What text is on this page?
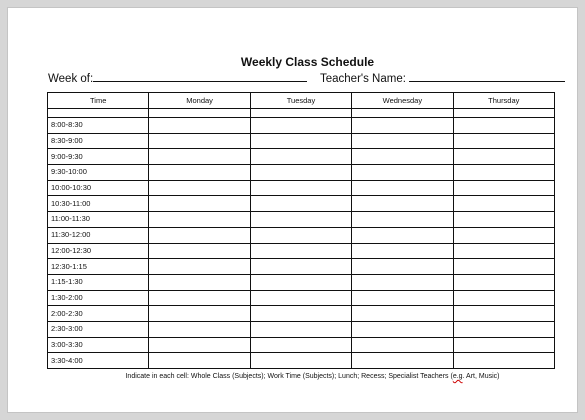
Weekly Class Schedule
Week of:	Teacher's Name:
Time	Monday	Tuesday	Wednesday	Thursday

8:00-8:30				
8:30-9:00				
9:00-9:30				
9:30-10:00				
10:00-10:30				
10:30-11:00				
11:00-11:30				
11:30-12:00				
12:00-12:30				
12:30-1:15				
1:15-1:30				
1:30-2:00				
2:00-2:30				
2:30-3:00				
3:00-3:30				
3:30-4:00				
Indicate in each cell: Whole Class (Subjects); Work Time (Subjects); Lunch; Recess; Specialist Teachers (e.g. Art, Music)
